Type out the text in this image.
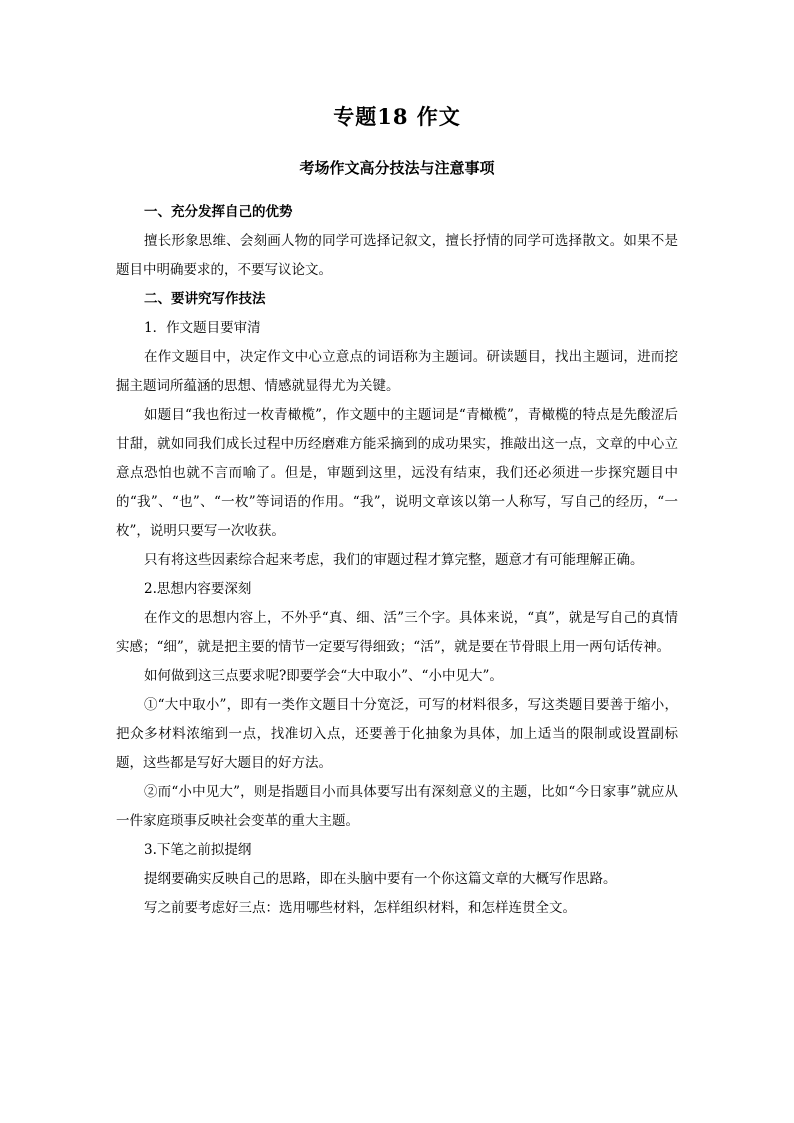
专题18 作文
考场作文高分技法与注意事项

一、充分发挥自己的优势

擅长形象思维、会刻画人物的同学可选择记叙文，擅长抒情的同学可选择散文。如果不是题目中明确要求的，不要写议论文。

二、要讲究写作技法

1．作文题目要审清

在作文题目中，决定作文中心立意点的词语称为主题词。研读题目，找出主题词，进而挖掘主题词所蕴涵的思想、情感就显得尤为关键。

如题目“我也衔过一枚青橄榄”，作文题中的主题词是“青橄榄”，青橄榄的特点是先酸涩后甘甜，就如同我们成长过程中历经磨难方能采摘到的成功果实，推敲出这一点，文章的中心立意点恐怕也就不言而喻了。但是，审题到这里，远没有结束，我们还必须进一步探究题目中的“我”、“也”、“一枚”等词语的作用。“我”，说明文章该以第一人称写，写自己的经历，“一枚”，说明只要写一次收获。

只有将这些因素综合起来考虑，我们的审题过程才算完整，题意才有可能理解正确。

2.思想内容要深刻

在作文的思想内容上，不外乎“真、细、活”三个字。具体来说，“真”，就是写自己的真情实感；“细”，就是把主要的情节一定要写得细致；“活”，就是要在节骨眼上用一两句话传神。

如何做到这三点要求呢?即要学会“大中取小”、“小中见大”。

①“大中取小”，即有一类作文题目十分宽泛，可写的材料很多，写这类题目要善于缩小，把众多材料浓缩到一点，找准切入点，还要善于化抽象为具体，加上适当的限制或设置副标题，这些都是写好大题目的好方法。

②而“小中见大”，则是指题目小而具体要写出有深刻意义的主题，比如“今日家事”就应从一件家庭琐事反映社会变革的重大主题。

3.下笔之前拟提纲

提纲要确实反映自己的思路，即在头脑中要有一个你这篇文章的大概写作思路。

写之前要考虑好三点：选用哪些材料，怎样组织材料，和怎样连贯全文。
